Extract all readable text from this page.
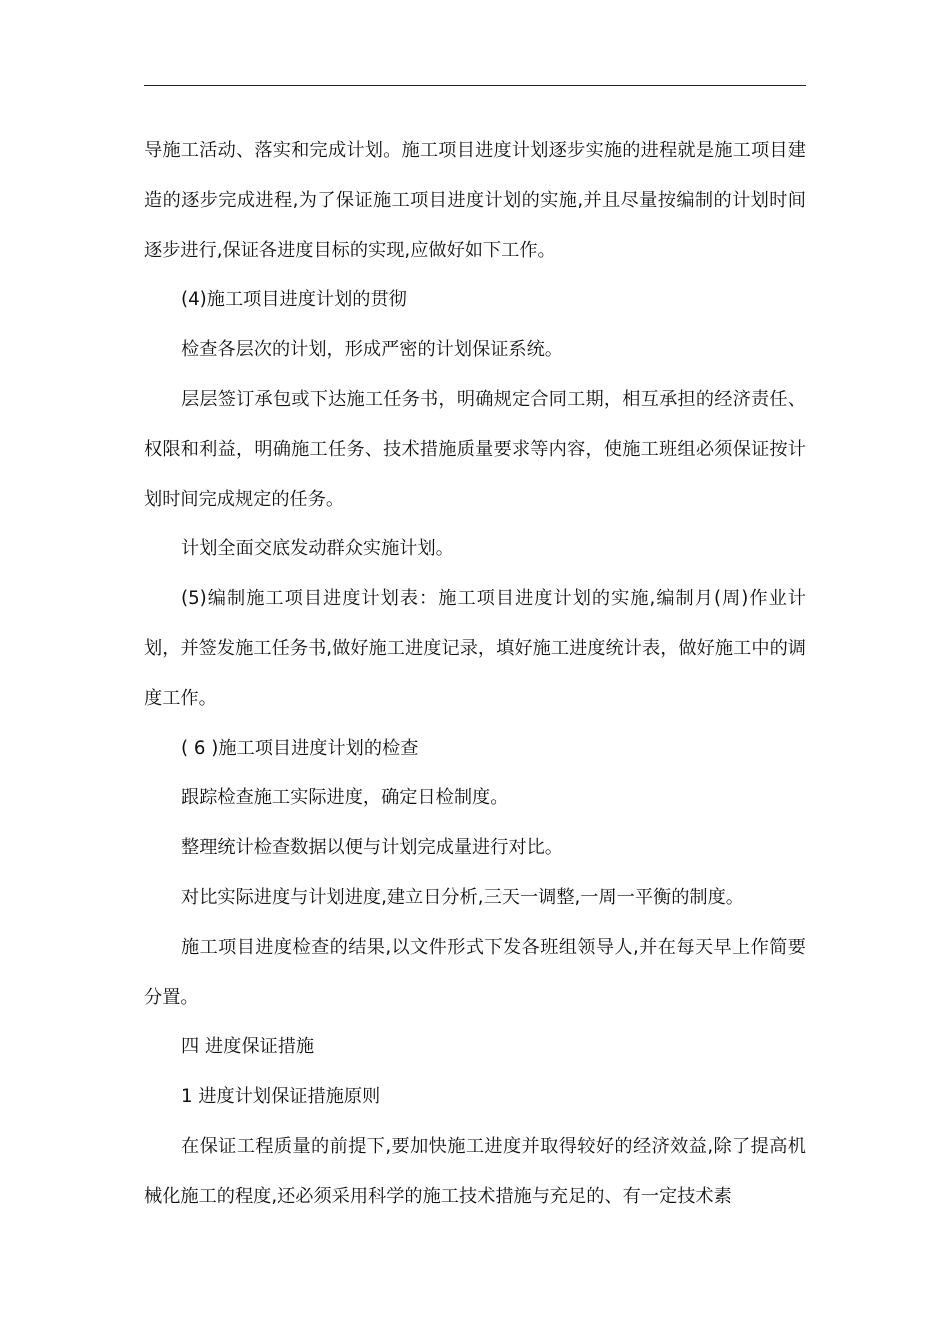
导施工活动、落实和完成计划。施工项目进度计划逐步实施的进程就是施工项目建造的逐步完成进程,为了保证施工项目进度计划的实施,并且尽量按编制的计划时间逐步进行,保证各进度目标的实现,应做好如下工作。

(4)施工项目进度计划的贯彻

检查各层次的计划，形成严密的计划保证系统。

层层签订承包或下达施工任务书，明确规定合同工期，相互承担的经济责任、权限和利益，明确施工任务、技术措施质量要求等内容，使施工班组必须保证按计划时间完成规定的任务。

计划全面交底发动群众实施计划。

(5)编制施工项目进度计划表：施工项目进度计划的实施,编制月(周)作业计划，并签发施工任务书,做好施工进度记录，填好施工进度统计表，做好施工中的调度工作。

( 6 )施工项目进度计划的检查

跟踪检查施工实际进度，确定日检制度。

整理统计检查数据以便与计划完成量进行对比。

对比实际进度与计划进度,建立日分析,三天一调整,一周一平衡的制度。

施工项目进度检查的结果,以文件形式下发各班组领导人,并在每天早上作简要分置。

四 进度保证措施

1 进度计划保证措施原则

在保证工程质量的前提下,要加快施工进度并取得较好的经济效益,除了提高机械化施工的程度,还必须采用科学的施工技术措施与充足的、有一定技术素
